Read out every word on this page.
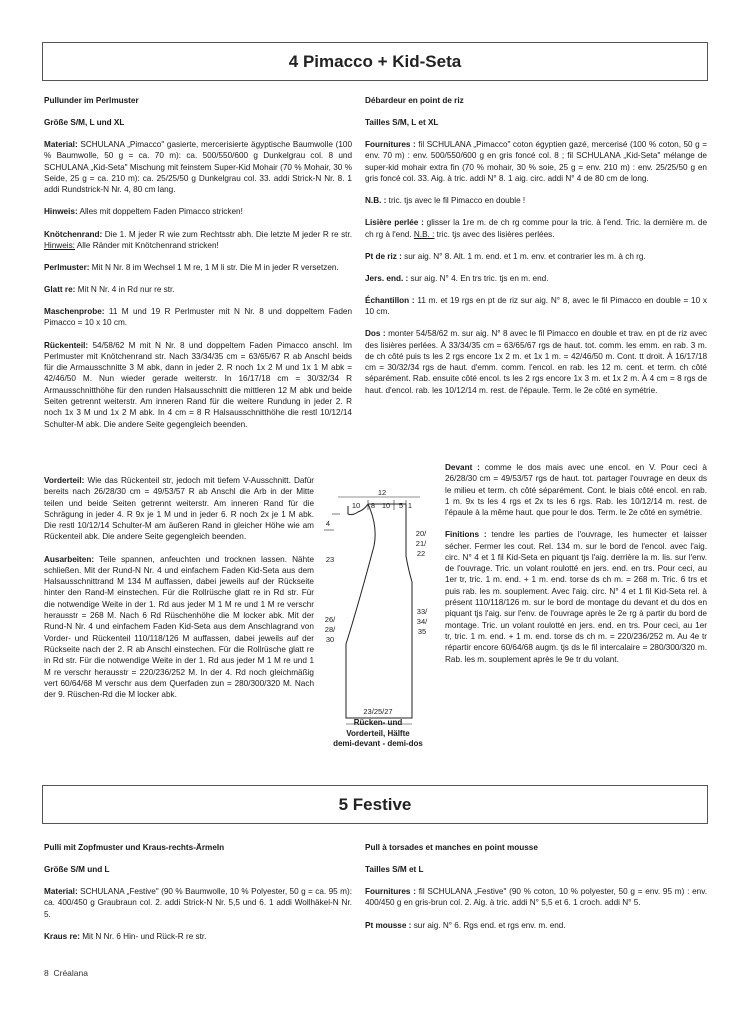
4 Pimacco + Kid-Seta

Pullunder im Perlmuster

Größe S/M, L und XL

Material: SCHULANA „Pimacco" gasierte, mercerisierte ägyptische Baumwolle (100 % Baumwolle, 50 g = ca. 70 m): ca. 500/550/600 g Dunkelgrau col. 8 und SCHULANA „Kid-Seta" Mischung mit feinstem Super-Kid Mohair (70 % Mohair, 30 % Seide, 25 g = ca. 210 m): ca. 25/25/50 g Dunkelgrau col. 33. addi Strick-N Nr. 8. 1 addi Rundstrick-N Nr. 4, 80 cm lang.

Hinweis: Alles mit doppeltem Faden Pimacco stricken!

Knötchenrand: Die 1. M jeder R wie zum Rechtsstr abh. Die letzte M jeder R re str. Hinweis: Alle Ränder mit Knötchenrand stricken!

Perlmuster: Mit N Nr. 8 im Wechsel 1 M re, 1 M li str. Die M in jeder R versetzen.

Glatt re: Mit N Nr. 4 in Rd nur re str.

Maschenprobe: 11 M und 19 R Perlmuster mit N Nr. 8 und doppeltem Faden Pimacco = 10 x 10 cm.

Rückenteil: 54/58/62 M mit N Nr. 8 und doppeltem Faden Pimacco anschl. Im Perlmuster mit Knötchenrand str. Nach 33/34/35 cm = 63/65/67 R ab Anschl beids für die Armausschnitte 3 M abk, dann in jeder 2. R noch 1x 2 M und 1x 1 M abk = 42/46/50 M. Nun wieder gerade weiterstr. In 16/17/18 cm = 30/32/34 R Armausschnitthöhe für den runden Halsausschnitt die mittleren 12 M abk und beide Seiten getrennt weiterstr. Am inneren Rand für die weitere Rundung in jeder 2. R noch 1x 3 M und 1x 2 M abk. In 4 cm = 8 R Halsausschnitthöhe die restl 10/12/14 Schulter-M abk. Die andere Seite gegengleich beenden.

Vorderteil: Wie das Rückenteil str, jedoch mit tiefem V-Ausschnitt. Dafür bereits nach 26/28/30 cm = 49/53/57 R ab Anschl die Arb in der Mitte teilen und beide Seiten getrennt weiterstr. Am inneren Rand für die Schrägung in jeder 4. R 9x je 1 M und in jeder 6. R noch 2x je 1 M abk. Die restl 10/12/14 Schulter-M am äußeren Rand in gleicher Höhe wie am Rückenteil abk. Die andere Seite gegengleich beenden.

Ausarbeiten: Teile spannen, anfeuchten und trocknen lassen. Nähte schließen. Mit der Rund-N Nr. 4 und einfachem Faden Kid-Seta aus dem Halsausschnittrand M 134 M auffassen, dabei jeweils auf der Rückseite hinter den Rand-M einstechen. Für die Rollrüsche glatt re in Rd str. Für die notwendige Weite in der 1. Rd aus jeder M 1 M re und 1 M re verschr herausstr = 268 M. Nach 6 Rd Rüschenhöhe die M locker abk. Mit der Rund-N Nr. 4 und einfachem Faden Kid-Seta aus dem Anschlagrand von Vorder- und Rückenteil 110/118/126 M auffassen, dabei jeweils auf der Rückseite nach der 2. R ab Anschl einstechen. Für die Rollrüsche glatt re in Rd str. Für die notwendige Weite in der 1. Rd aus jeder M 1 M re und 1 M re verschr herausstr = 220/236/252 M. In der 4. Rd noch gleichmäßig vert 60/64/68 M verschr aus dem Querfaden zun = 280/300/320 M. Nach der 9. Rüschen-Rd die M locker abk.

Débardeur en point de riz

Tailles S/M, L et XL

Fournitures : fil SCHULANA „Pimacco" coton égyptien gazé, mercerisé (100 % coton, 50 g = env. 70 m) : env. 500/550/600 g en gris foncé col. 8 ; fil SCHULANA „Kid-Seta" mélange de super-kid mohair extra fin (70 % mohair, 30 % soie, 25 g = env. 210 m) : env. 25/25/50 g en gris foncé col. 33. Aig. à tric. addi N° 8. 1 aig. circ. addi N° 4 de 80 cm de long.

N.B. : tric. tjs avec le fil Pimacco en double !

Lisière perlée : glisser la 1re m. de ch rg comme pour la tric. à l'end. Tric. la dernière m. de ch rg à l'end. N.B. : tric. tjs avec des lisières perlées.

Pt de riz : sur aig. N° 8. Alt. 1 m. end. et 1 m. env. et contrarier les m. à ch rg.

Jers. end. : sur aig. N° 4. En trs tric. tjs en m. end.

Échantillon : 11 m. et 19 rgs en pt de riz sur aig. N° 8, avec le fil Pimacco en double = 10 x 10 cm.

Dos : monter 54/58/62 m. sur aig. N° 8 avec le fil Pimacco en double et trav. en pt de riz avec des lisières perlées. À 33/34/35 cm = 63/65/67 rgs de haut. tot. comm. les emm. en rab. 3 m. de ch côté puis ts les 2 rgs encore 1x 2 m. et 1x 1 m. = 42/46/50 m. Cont. tt droit. À 16/17/18 cm = 30/32/34 rgs de haut. d'emm. comm. l'encol. en rab. les 12 m. cent. et term. ch côté séparément. Rab. ensuite côté encol. ts les 2 rgs encore 1x 3 m. et 1x 2 m. À 4 cm = 8 rgs de haut. d'encol. rab. les 10/12/14 m. rest. de l'épaule. Term. le 2e côté en symétrie.

Devant : comme le dos mais avec une encol. en V. Pour ceci à 26/28/30 cm = 49/53/57 rgs de haut. tot. partager l'ouvrage en deux ds le milieu et term. ch côté séparément. Cont. le biais côté encol. en rab. 1 m. 9x ts les 4 rgs et 2x ts les 6 rgs. Rab. les 10/12/14 m. rest. de l'épaule à la même haut. que pour le dos. Term. le 2e côté en symétrie.

Finitions : tendre les parties de l'ouvrage, les humecter et laisser sécher. Fermer les cout. Rel. 134 m. sur le bord de l'encol. avec l'aig. circ. N° 4 et 1 fil Kid-Seta en piquant tjs l'aig. derrière la m. lis. sur l'env. de l'ouvrage. Tric. un volant roulotté en jers. end. en trs. Pour ceci, au 1er tr, tric. 1 m. end. + 1 m. end. torse ds ch m. = 268 m. Tric. 6 trs et puis rab. les m. souplement. Avec l'aig. circ. N° 4 et 1 fil Kid-Seta rel. à présent 110/118/126 m. sur le bord de montage du devant et du dos en piquant tjs l'aig. sur l'env. de l'ouvrage après le 2e rg à partir du bord de montage. Tric. un volant roulotté en jers. end. en trs. Pour ceci, au 1er tr, tric. 1 m. end. + 1 m. end. torse ds ch m. = 220/236/252 m. Au 4e tr répartir encore 60/64/68 augm. tjs ds le fil intercalaire = 280/300/320 m. Rab. les m. souplement après le 9e tr du volant.

12
10 8 10 5 1
4
23
26/
28/
30
20/
21/
22
33/
34/
35
23/25/27
Rücken- und
Vorderteil, Hälfte
demi-devant - demi-dos
5 Festive

Pulli mit Zopfmuster und Kraus-rechts-Ärmeln

Größe S/M und L

Material: SCHULANA „Festive" (90 % Baumwolle, 10 % Polyester, 50 g = ca. 95 m): ca. 400/450 g Graubraun col. 2. addi Strick-N Nr. 5,5 und 6. 1 addi Wollhäkel-N Nr. 5.

Kraus re: Mit N Nr. 6 Hin- und Rück-R re str.

Pull à torsades et manches en point mousse

Tailles S/M et L

Fournitures : fil SCHULANA „Festive" (90 % coton, 10 % polyester, 50 g = env. 95 m) : env. 400/450 g en gris-brun col. 2. Aig. à tric. addi N° 5,5 et 6. 1 croch. addi N° 5.

Pt mousse : sur aig. N° 6. Rgs end. et rgs env. m. end.

8 Créalana
